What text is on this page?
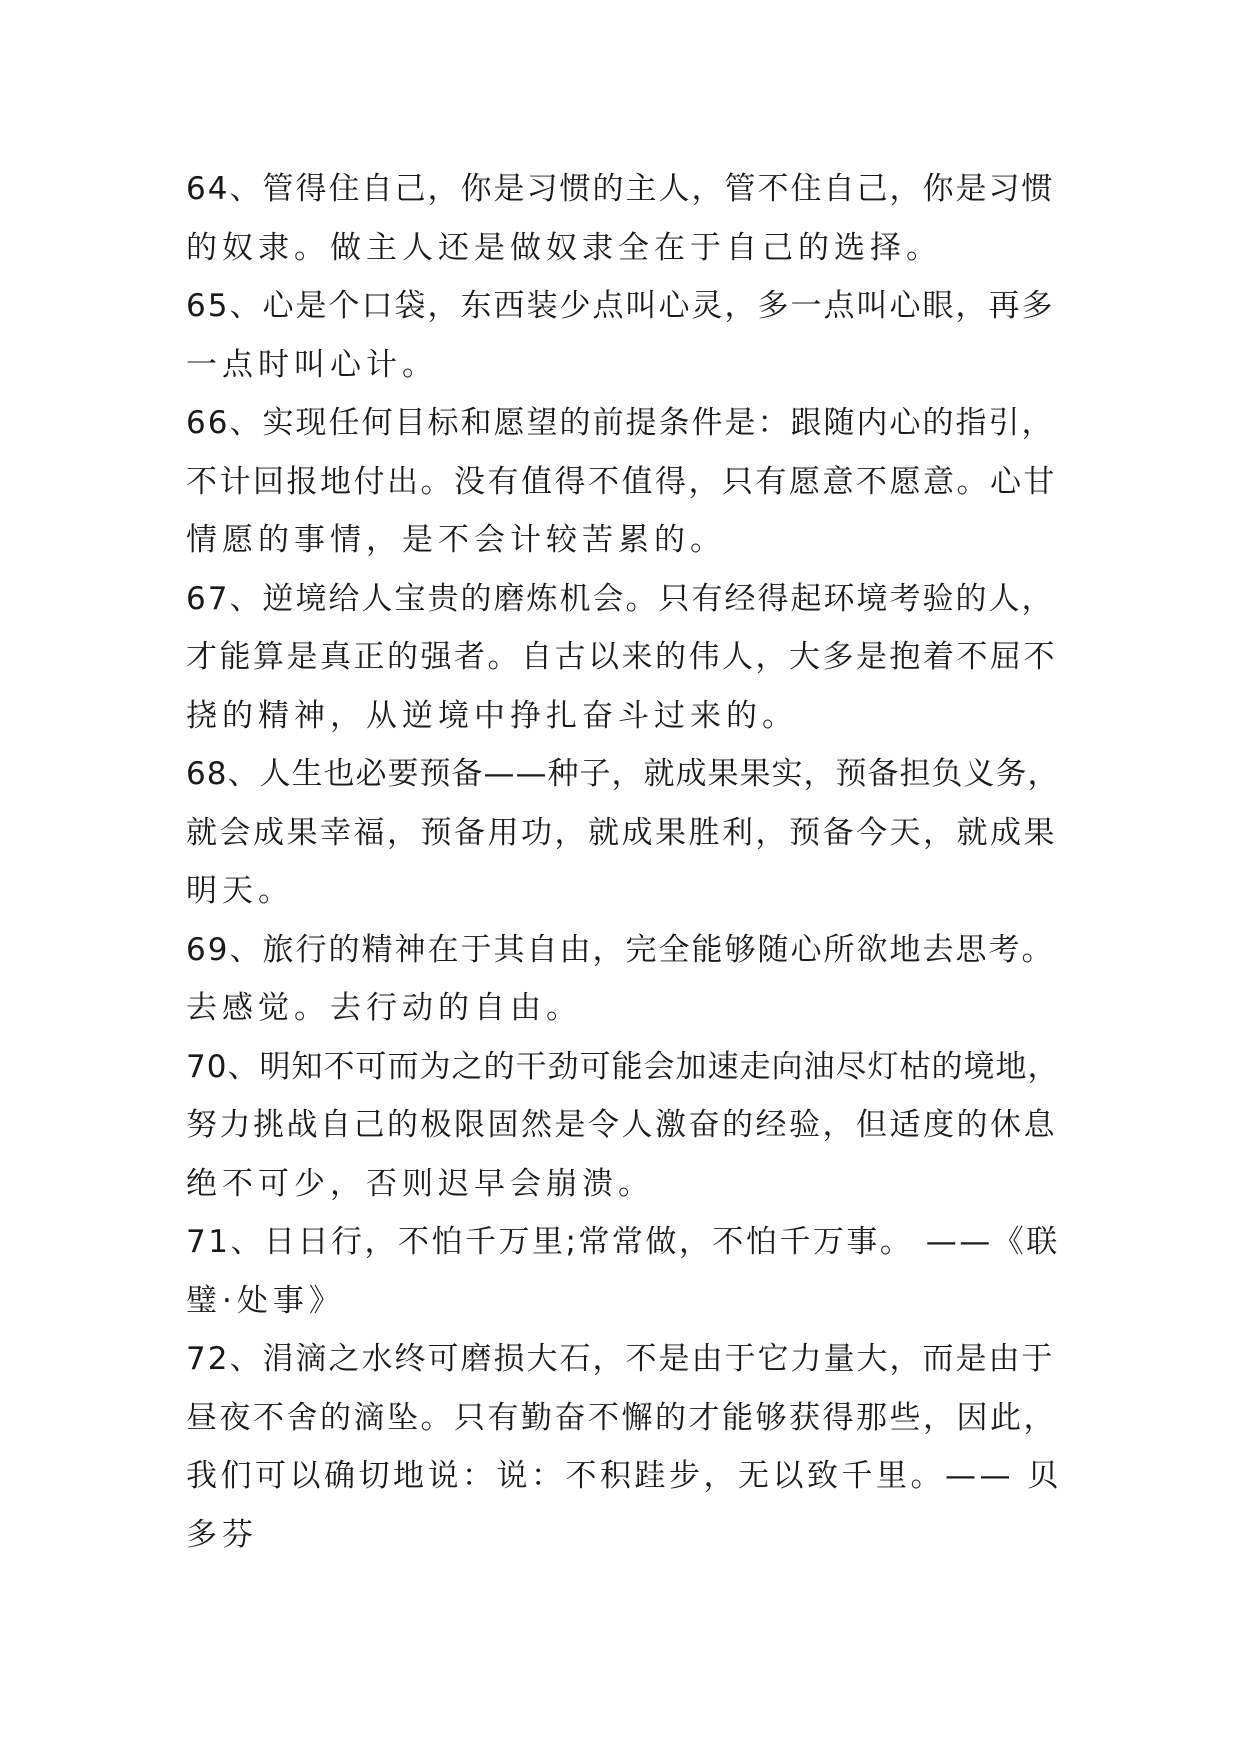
64、管得住自己，你是习惯的主人，管不住自己，你是习惯
的奴隶。做主人还是做奴隶全在于自己的选择。
65、心是个口袋，东西装少点叫心灵，多一点叫心眼，再多
一点时叫心计。
66、实现任何目标和愿望的前提条件是：跟随内心的指引，
不计回报地付出。没有值得不值得，只有愿意不愿意。心甘
情愿的事情，是不会计较苦累的。
67、逆境给人宝贵的磨炼机会。只有经得起环境考验的人，
才能算是真正的强者。自古以来的伟人，大多是抱着不屈不
挠的精神，从逆境中挣扎奋斗过来的。
68、人生也必要预备——种子，就成果果实，预备担负义务，
就会成果幸福，预备用功，就成果胜利，预备今天，就成果
明天。
69、旅行的精神在于其自由，完全能够随心所欲地去思考。
去感觉。去行动的自由。
70、明知不可而为之的干劲可能会加速走向油尽灯枯的境地，
努力挑战自己的极限固然是令人激奋的经验，但适度的休息
绝不可少，否则迟早会崩溃。
71、日日行，不怕千万里;常常做，不怕千万事。 ——《联
璧·处事》
72、涓滴之水终可磨损大石，不是由于它力量大，而是由于
昼夜不舍的滴坠。只有勤奋不懈的才能够获得那些，因此，
我们可以确切地说：说：不积跬步，无以致千里。—— 贝
多芬
